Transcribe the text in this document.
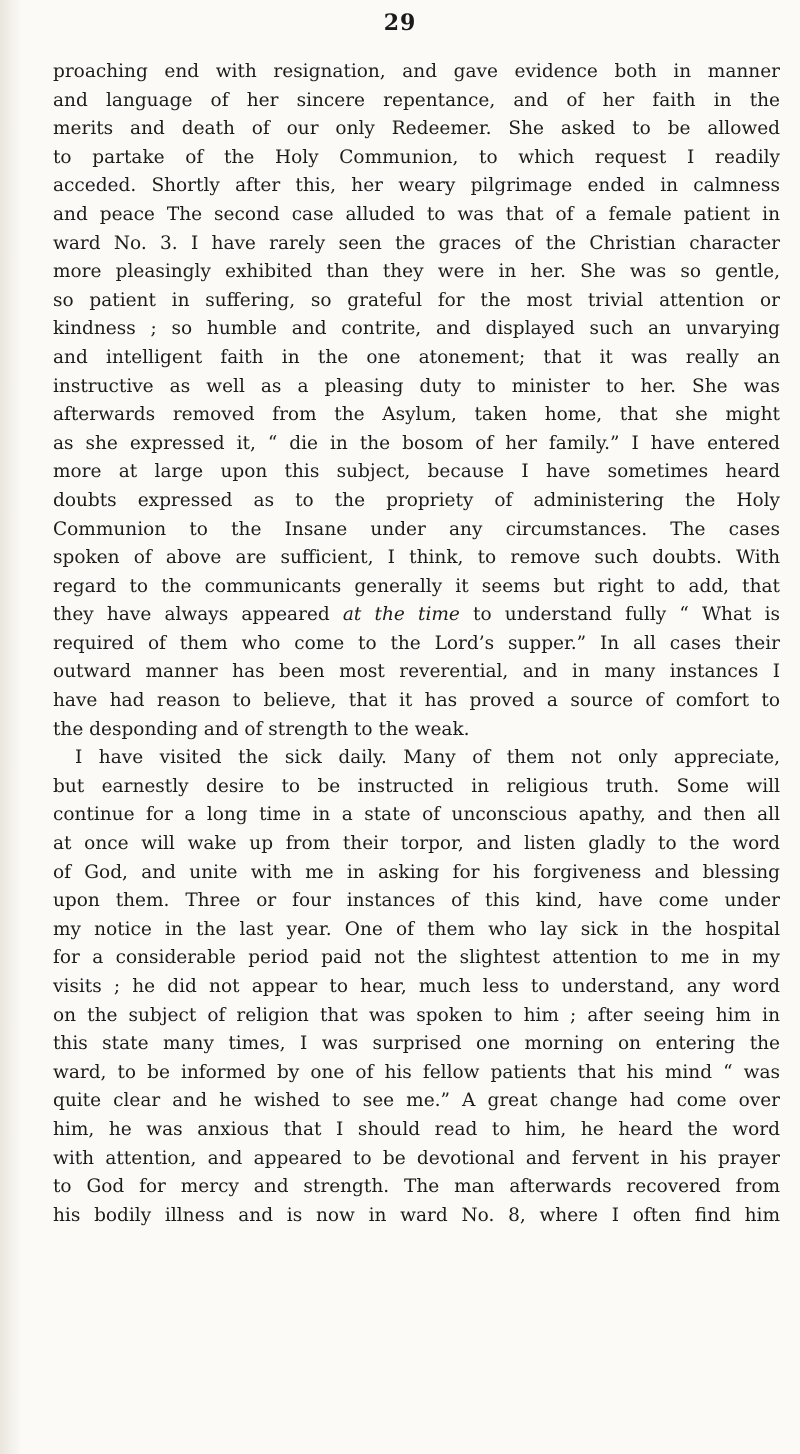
29
proaching end with resignation, and gave evidence both in manner
and language of her sincere repentance, and of her faith in the
merits and death of our only Redeemer. She asked to be allowed
to partake of the Holy Communion, to which request I readily
acceded. Shortly after this, her weary pilgrimage ended in calmness
and peace The second case alluded to was that of a female patient in
ward No. 3. I have rarely seen the graces of the Christian character
more pleasingly exhibited than they were in her. She was so gentle,
so patient in suffering, so grateful for the most trivial attention or
kindness ; so humble and contrite, and displayed such an unvarying
and intelligent faith in the one atonement; that it was really an
instructive as well as a pleasing duty to minister to her. She was
afterwards removed from the Asylum, taken home, that she might
as she expressed it, “ die in the bosom of her family.” I have entered
more at large upon this subject, because I have sometimes heard
doubts expressed as to the propriety of administering the Holy
Communion to the Insane under any circumstances. The cases
spoken of above are sufficient, I think, to remove such doubts. With
regard to the communicants generally it seems but right to add, that
they have always appeared at the time to understand fully “ What is
required of them who come to the Lord’s supper.” In all cases their
outward manner has been most reverential, and in many instances I
have had reason to believe, that it has proved a source of comfort to
the desponding and of strength to the weak.
I have visited the sick daily. Many of them not only appreciate,
but earnestly desire to be instructed in religious truth. Some will
continue for a long time in a state of unconscious apathy, and then all
at once will wake up from their torpor, and listen gladly to the word
of God, and unite with me in asking for his forgiveness and blessing
upon them. Three or four instances of this kind, have come under
my notice in the last year. One of them who lay sick in the hospital
for a considerable period paid not the slightest attention to me in my
visits ; he did not appear to hear, much less to understand, any word
on the subject of religion that was spoken to him ; after seeing him in
this state many times, I was surprised one morning on entering the
ward, to be informed by one of his fellow patients that his mind “ was
quite clear and he wished to see me.” A great change had come over
him, he was anxious that I should read to him, he heard the word
with attention, and appeared to be devotional and fervent in his prayer
to God for mercy and strength. The man afterwards recovered from
his bodily illness and is now in ward No. 8, where I often find him
